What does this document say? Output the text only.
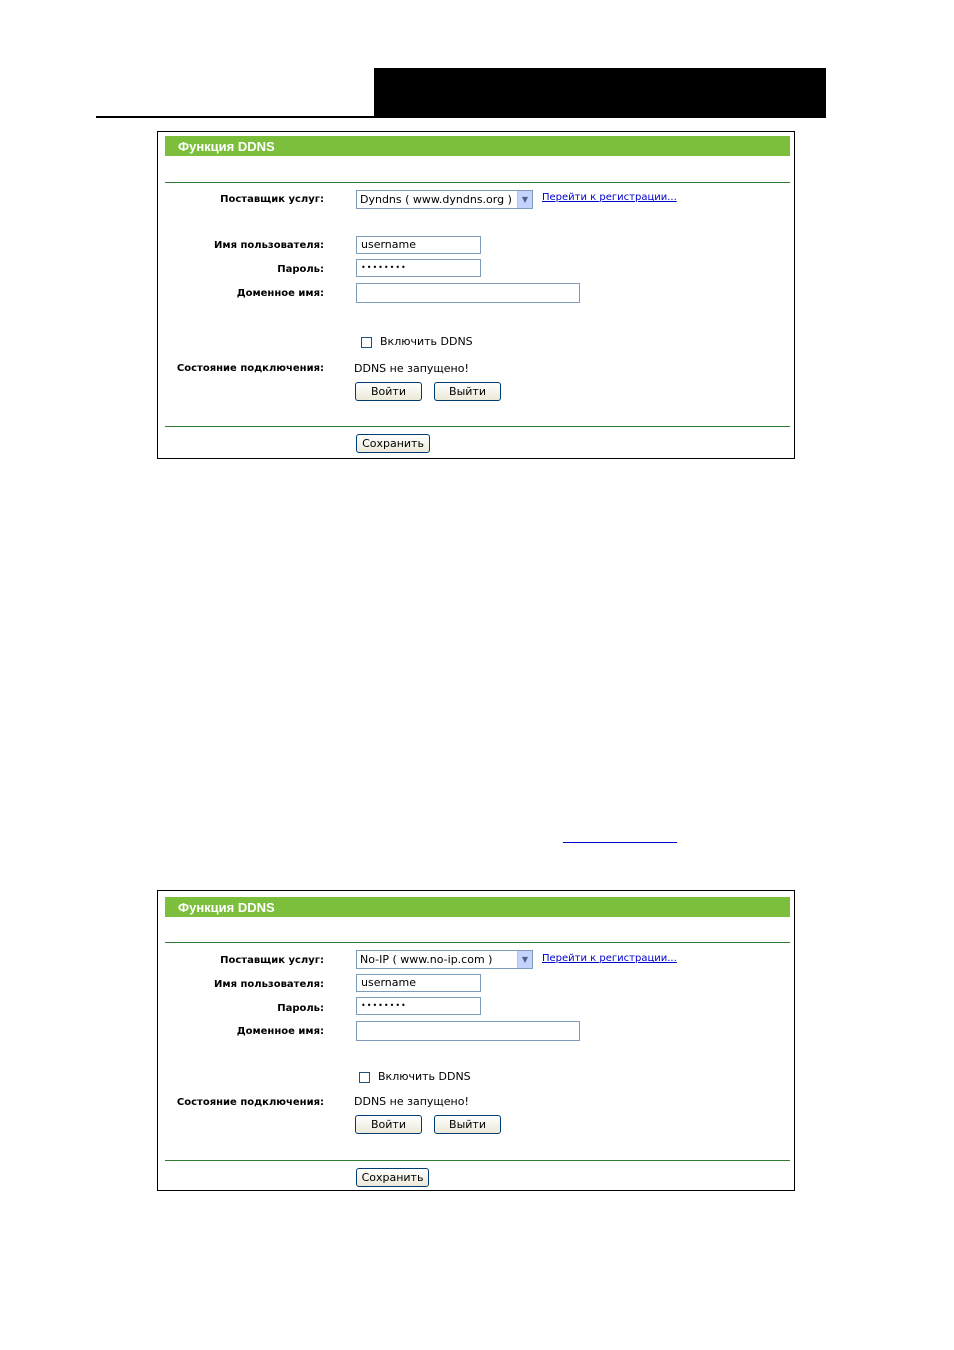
Функция DDNS
Поставщик услуг:	Dyndns ( www.dyndns.org )	▼	Перейти к регистрации...
Имя пользователя:	username
Пароль:	••••••••
Доменное имя:
Включить DDNS
Состояние подключения:	DDNS не запущено!
Войти	Выйти
Сохранить
Функция DDNS
Поставщик услуг:	No-IP ( www.no-ip.com )	▼	Перейти к регистрации...
Имя пользователя:	username
Пароль:	••••••••
Доменное имя:
Включить DDNS
Состояние подключения:	DDNS не запущено!
Войти	Выйти
Сохранить
